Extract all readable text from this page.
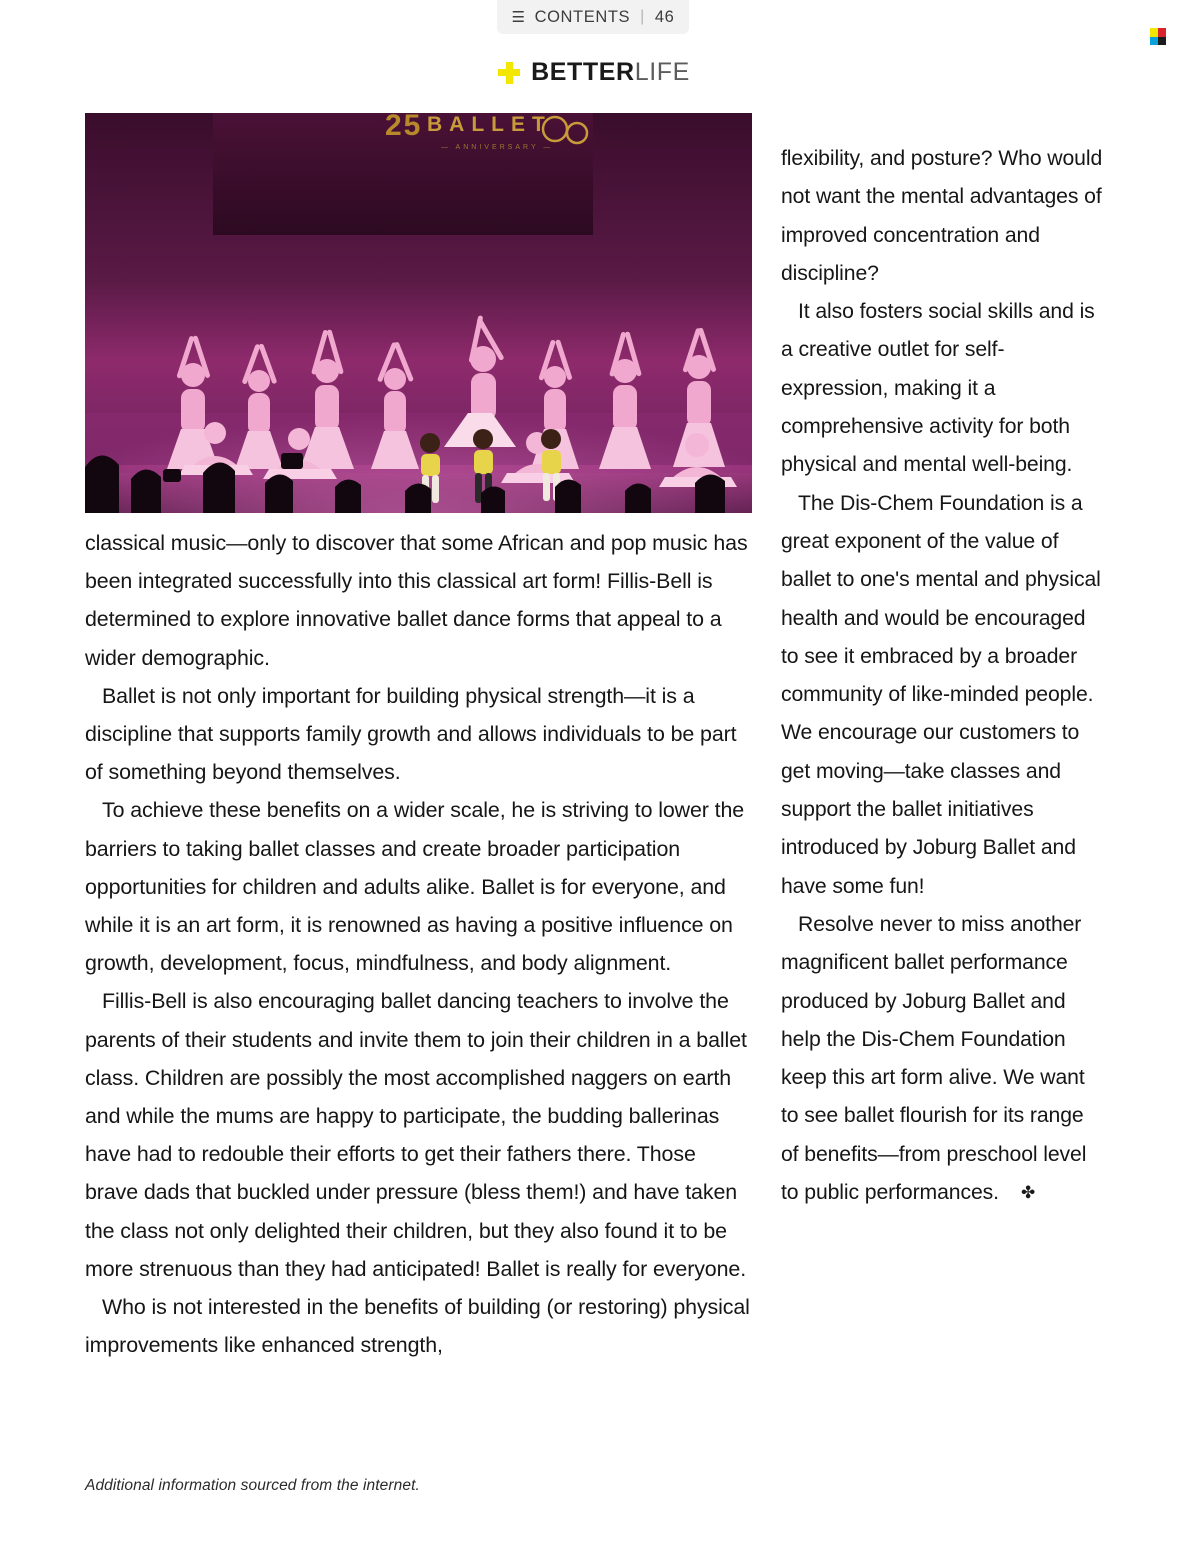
☰ CONTENTS | 46
BETTERLIFE
25 BALLET
— ANNIVERSARY —

classical music—only to discover that some African and pop music has been integrated successfully into this classical art form! Fillis-Bell is determined to explore innovative ballet dance forms that appeal to a wider demographic.

Ballet is not only important for building physical strength—it is a discipline that supports family growth and allows individuals to be part of something beyond themselves.

To achieve these benefits on a wider scale, he is striving to lower the barriers to taking ballet classes and create broader participation opportunities for children and adults alike. Ballet is for everyone, and while it is an art form, it is renowned as having a positive influence on growth, development, focus, mindfulness, and body alignment.

Fillis-Bell is also encouraging ballet dancing teachers to involve the parents of their students and invite them to join their children in a ballet class. Children are possibly the most accomplished naggers on earth and while the mums are happy to participate, the budding ballerinas have had to redouble their efforts to get their fathers there. Those brave dads that buckled under pressure (bless them!) and have taken the class not only delighted their children, but they also found it to be more strenuous than they had anticipated! Ballet is really for everyone.

Who is not interested in the benefits of building (or restoring) physical improvements like enhanced strength,

flexibility, and posture? Who would not want the mental advantages of improved concentration and discipline?

It also fosters social skills and is a creative outlet for self-expression, making it a comprehensive activity for both physical and mental well-being.

The Dis-Chem Foundation is a great exponent of the value of ballet to one's mental and physical health and would be encouraged to see it embraced by a broader community of like-minded people. We encourage our customers to get moving—take classes and support the ballet initiatives introduced by Joburg Ballet and have some fun!

Resolve never to miss another magnificent ballet performance produced by Joburg Ballet and help the Dis-Chem Foundation keep this art form alive. We want to see ballet flourish for its range of benefits—from preschool level to public performances. ✤

Additional information sourced from the internet.
